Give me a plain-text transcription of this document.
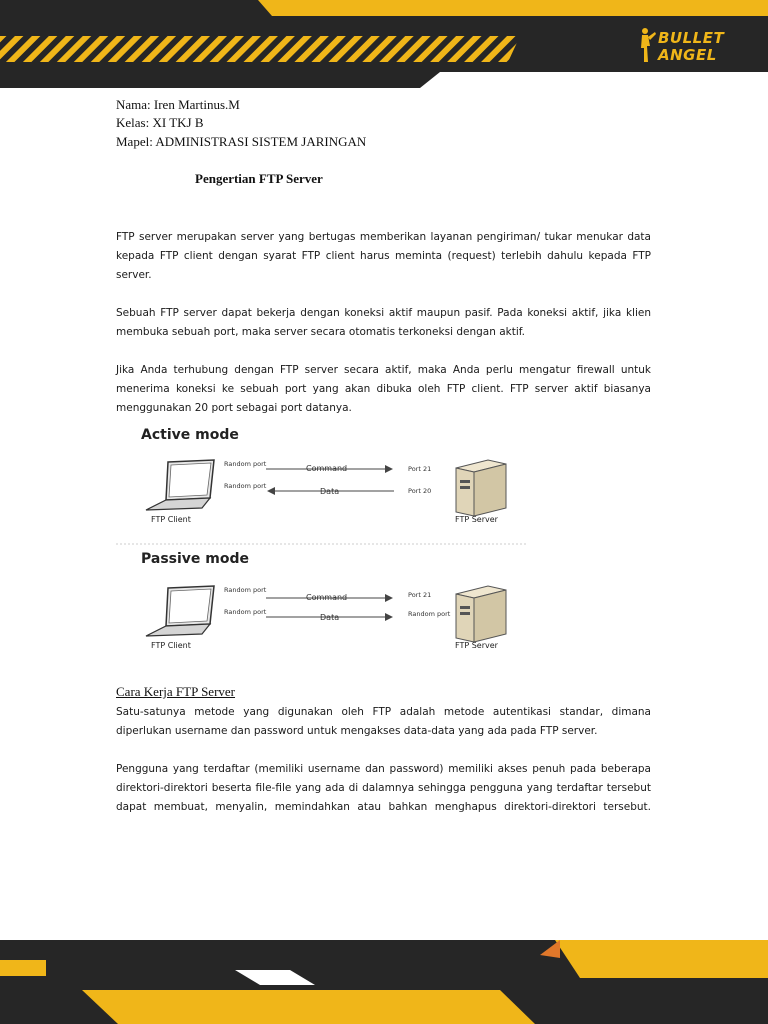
BULLET
ANGEL
Nama: Iren Martinus.M
Kelas: XI TKJ B
Mapel: ADMINISTRASI SISTEM JARINGAN
Pengertian FTP Server

FTP server merupakan server yang bertugas memberikan layanan pengiriman/ tukar menukar data kepada FTP client dengan syarat FTP client harus meminta (request) terlebih dahulu kepada FTP server.

Sebuah FTP server dapat bekerja dengan koneksi aktif maupun pasif. Pada koneksi aktif, jika klien membuka sebuah port, maka server secara otomatis terkoneksi dengan aktif.

Jika Anda terhubung dengan FTP server secara aktif, maka Anda perlu mengatur firewall untuk menerima koneksi ke sebuah port yang akan dibuka oleh FTP client. FTP server aktif biasanya menggunakan 20 port sebagai port datanya.

Active mode
FTP Client
Random port
Random port
Command
Data
Port 21
Port 20
FTP Server
Passive mode
FTP Client
Random port
Random port
Command
Data
Port 21
Random port
FTP Server
Cara Kerja FTP Server

Satu-satunya metode yang digunakan oleh FTP adalah metode autentikasi standar, dimana diperlukan username dan password untuk mengakses data-data yang ada pada FTP server.

Pengguna yang terdaftar (memiliki username dan password) memiliki akses penuh pada beberapa direktori-direktori beserta file-file yang ada di dalamnya sehingga pengguna yang terdaftar tersebut dapat membuat, menyalin, memindahkan atau bahkan menghapus direktori-direktori tersebut.
